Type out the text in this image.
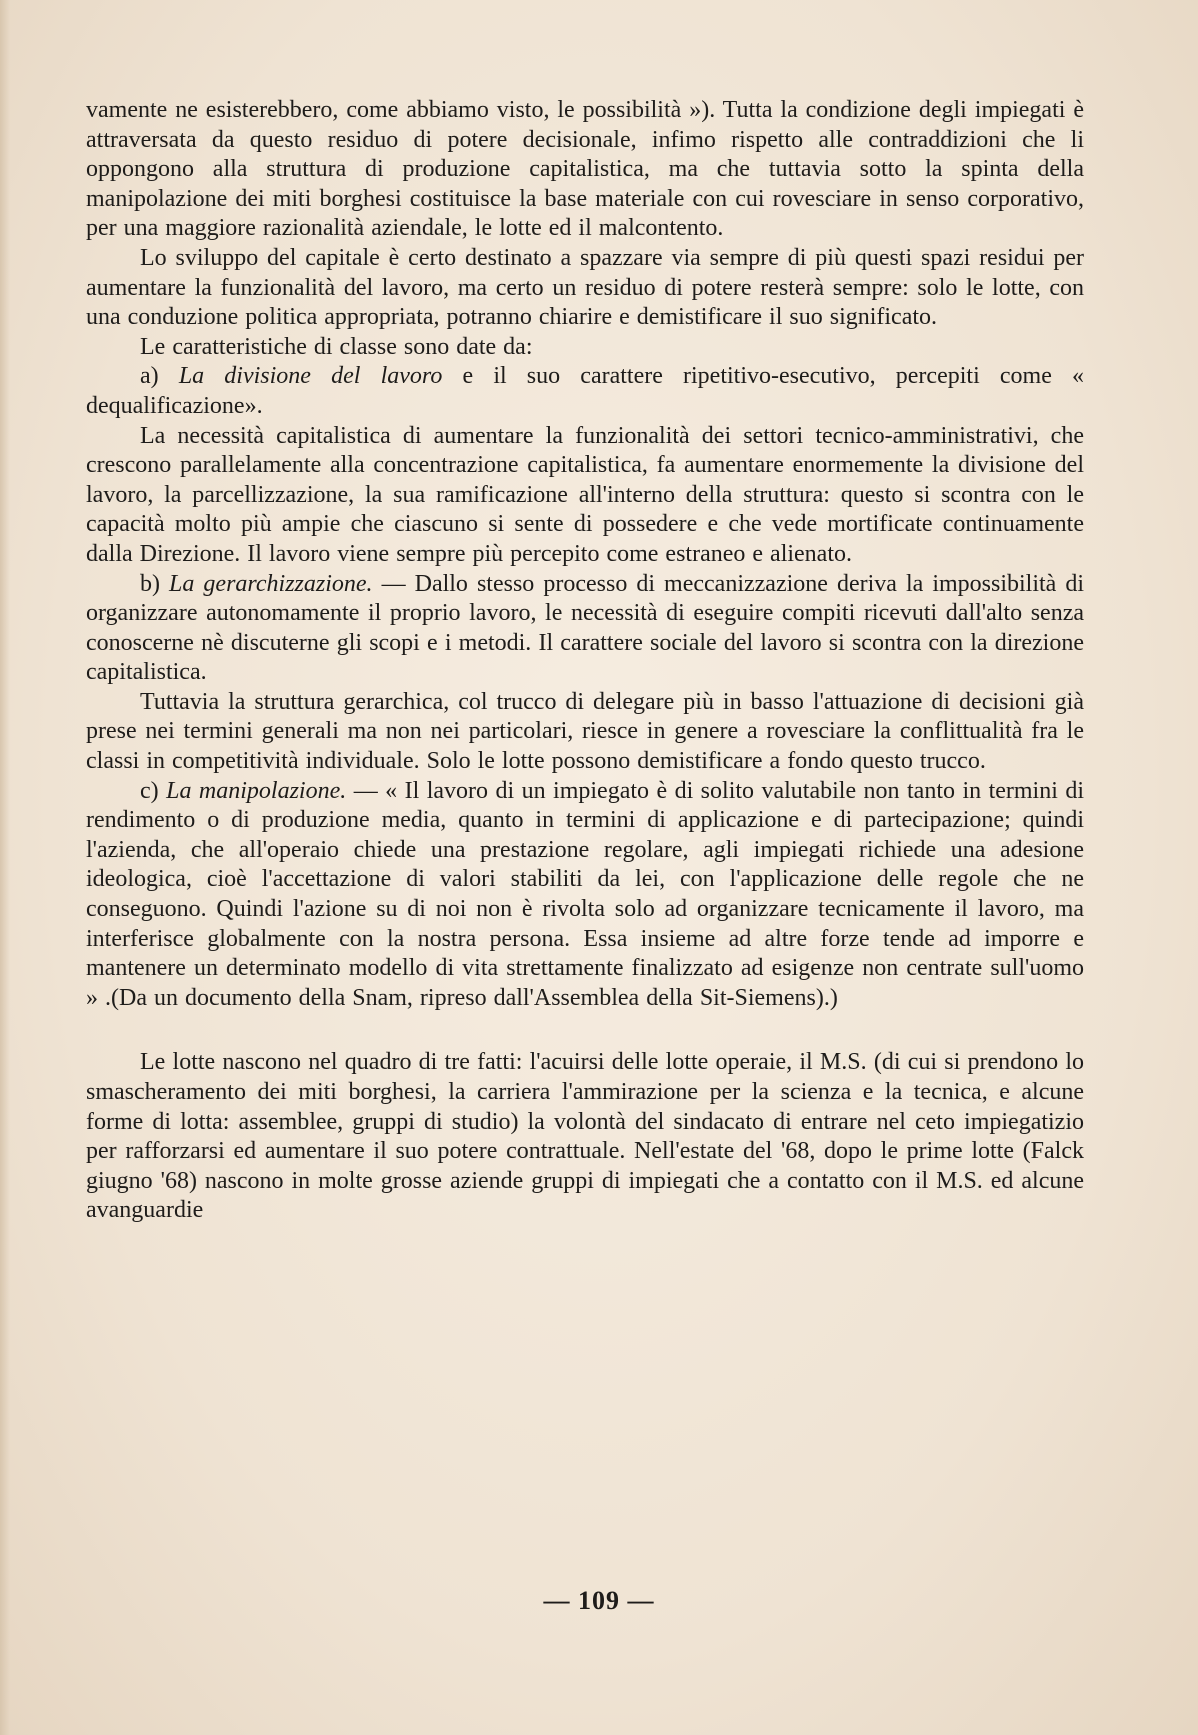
vamente ne esisterebbero, come abbiamo visto, le possibilità »). Tutta la condizione degli impiegati è attraversata da questo residuo di potere decisionale, infimo rispetto alle contraddizioni che li oppongono alla struttura di produzione capitalistica, ma che tuttavia sotto la spinta della manipolazione dei miti borghesi costituisce la base materiale con cui rovesciare in senso corporativo, per una maggiore razionalità aziendale, le lotte ed il malcontento.

Lo sviluppo del capitale è certo destinato a spazzare via sempre di più questi spazi residui per aumentare la funzionalità del lavoro, ma certo un residuo di potere resterà sempre: solo le lotte, con una conduzione politica appropriata, potranno chiarire e demistificare il suo significato.

Le caratteristiche di classe sono date da:

a) La divisione del lavoro e il suo carattere ripetitivo-esecutivo, percepiti come « dequalificazione».

La necessità capitalistica di aumentare la funzionalità dei settori tecnico-amministrativi, che crescono parallelamente alla concentrazione capitalistica, fa aumentare enormemente la divisione del lavoro, la parcellizzazione, la sua ramificazione all'interno della struttura: questo si scontra con le capacità molto più ampie che ciascuno si sente di possedere e che vede mortificate continuamente dalla Direzione. Il lavoro viene sempre più percepito come estraneo e alienato.

b) La gerarchizzazione. — Dallo stesso processo di meccanizzazione deriva la impossibilità di organizzare autonomamente il proprio lavoro, le necessità di eseguire compiti ricevuti dall'alto senza conoscerne nè discuterne gli scopi e i metodi. Il carattere sociale del lavoro si scontra con la direzione capitalistica.

Tuttavia la struttura gerarchica, col trucco di delegare più in basso l'attuazione di decisioni già prese nei termini generali ma non nei particolari, riesce in genere a rovesciare la conflittualità fra le classi in competitività individuale. Solo le lotte possono demistificare a fondo questo trucco.

c) La manipolazione. — « Il lavoro di un impiegato è di solito valutabile non tanto in termini di rendimento o di produzione media, quanto in termini di applicazione e di partecipazione; quindi l'azienda, che all'operaio chiede una prestazione regolare, agli impiegati richiede una adesione ideologica, cioè l'accettazione di valori stabiliti da lei, con l'applicazione delle regole che ne conseguono. Quindi l'azione su di noi non è rivolta solo ad organizzare tecnicamente il lavoro, ma interferisce globalmente con la nostra persona. Essa insieme ad altre forze tende ad imporre e mantenere un determinato modello di vita strettamente finalizzato ad esigenze non centrate sull'uomo » .(Da un documento della Snam, ripreso dall'Assemblea della Sit-Siemens).)

Le lotte nascono nel quadro di tre fatti: l'acuirsi delle lotte operaie, il M.S. (di cui si prendono lo smascheramento dei miti borghesi, la carriera l'ammirazione per la scienza e la tecnica, e alcune forme di lotta: assemblee, gruppi di studio) la volontà del sindacato di entrare nel ceto impiegatizio per rafforzarsi ed aumentare il suo potere contrattuale. Nell'estate del '68, dopo le prime lotte (Falck giugno '68) nascono in molte grosse aziende gruppi di impiegati che a contatto con il M.S. ed alcune avanguardie

— 109 —
